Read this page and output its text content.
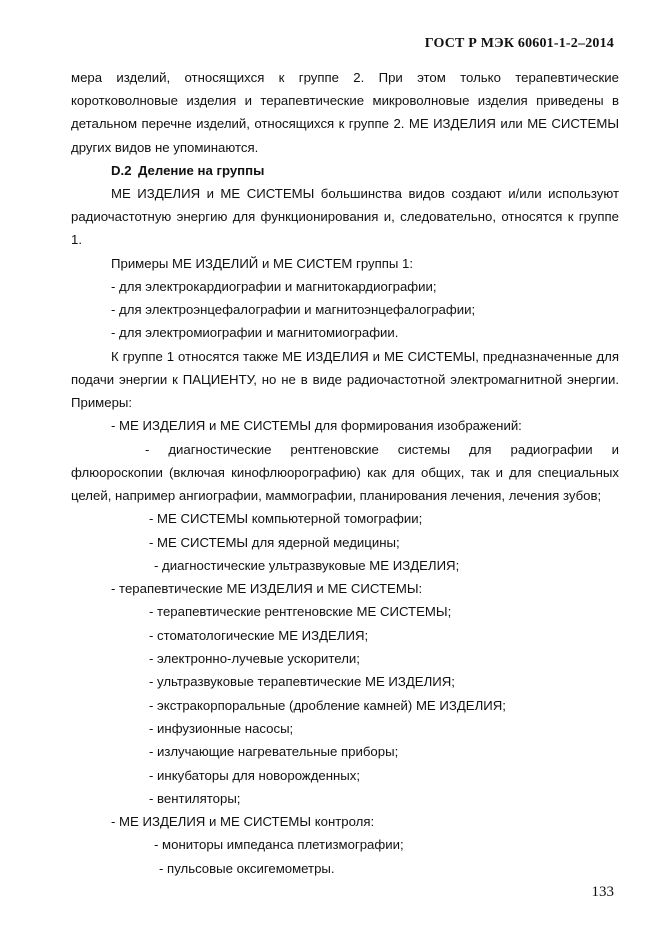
ГОСТ Р МЭК 60601-1-2–2014

мера изделий, относящихся к группе 2. При этом только терапевтические коротковолновые изделия и терапевтические микроволновые изделия приведены в детальном перечне изделий, относящихся к группе 2. МЕ ИЗДЕЛИЯ или МЕ СИСТЕМЫ других видов не упоминаются.

D.2 Деление на группы

МЕ ИЗДЕЛИЯ и МЕ СИСТЕМЫ большинства видов создают и/или используют радиочастотную энергию для функционирования и, следовательно, относятся к группе 1.

Примеры МЕ ИЗДЕЛИЙ и МЕ СИСТЕМ группы 1:

- для электрокардиографии и магнитокардиографии;

- для электроэнцефалографии и магнитоэнцефалографии;

- для электромиографии и магнитомиографии.

К группе 1 относятся также МЕ ИЗДЕЛИЯ и МЕ СИСТЕМЫ, предназначенные для подачи энергии к ПАЦИЕНТУ, но не в виде радиочастотной электромагнитной энергии. Примеры:

- МЕ ИЗДЕЛИЯ и МЕ СИСТЕМЫ для формирования изображений:

- диагностические рентгеновские системы для радиографии и флюороскопии (включая кинофлюорографию) как для общих, так и для специальных целей, например ангиографии, маммографии, планирования лечения, лечения зубов;

- МЕ СИСТЕМЫ компьютерной томографии;

- МЕ СИСТЕМЫ для ядерной медицины;

- диагностические ультразвуковые МЕ ИЗДЕЛИЯ;

- терапевтические МЕ ИЗДЕЛИЯ и МЕ СИСТЕМЫ:

- терапевтические рентгеновские МЕ СИСТЕМЫ;

- стоматологические МЕ ИЗДЕЛИЯ;

- электронно-лучевые ускорители;

- ультразвуковые терапевтические МЕ ИЗДЕЛИЯ;

- экстракорпоральные (дробление камней) МЕ ИЗДЕЛИЯ;

- инфузионные насосы;

- излучающие нагревательные приборы;

- инкубаторы для новорожденных;

- вентиляторы;

- МЕ ИЗДЕЛИЯ и МЕ СИСТЕМЫ контроля:

- мониторы импеданса плетизмографии;

- пульсовые оксигемометры.

133
